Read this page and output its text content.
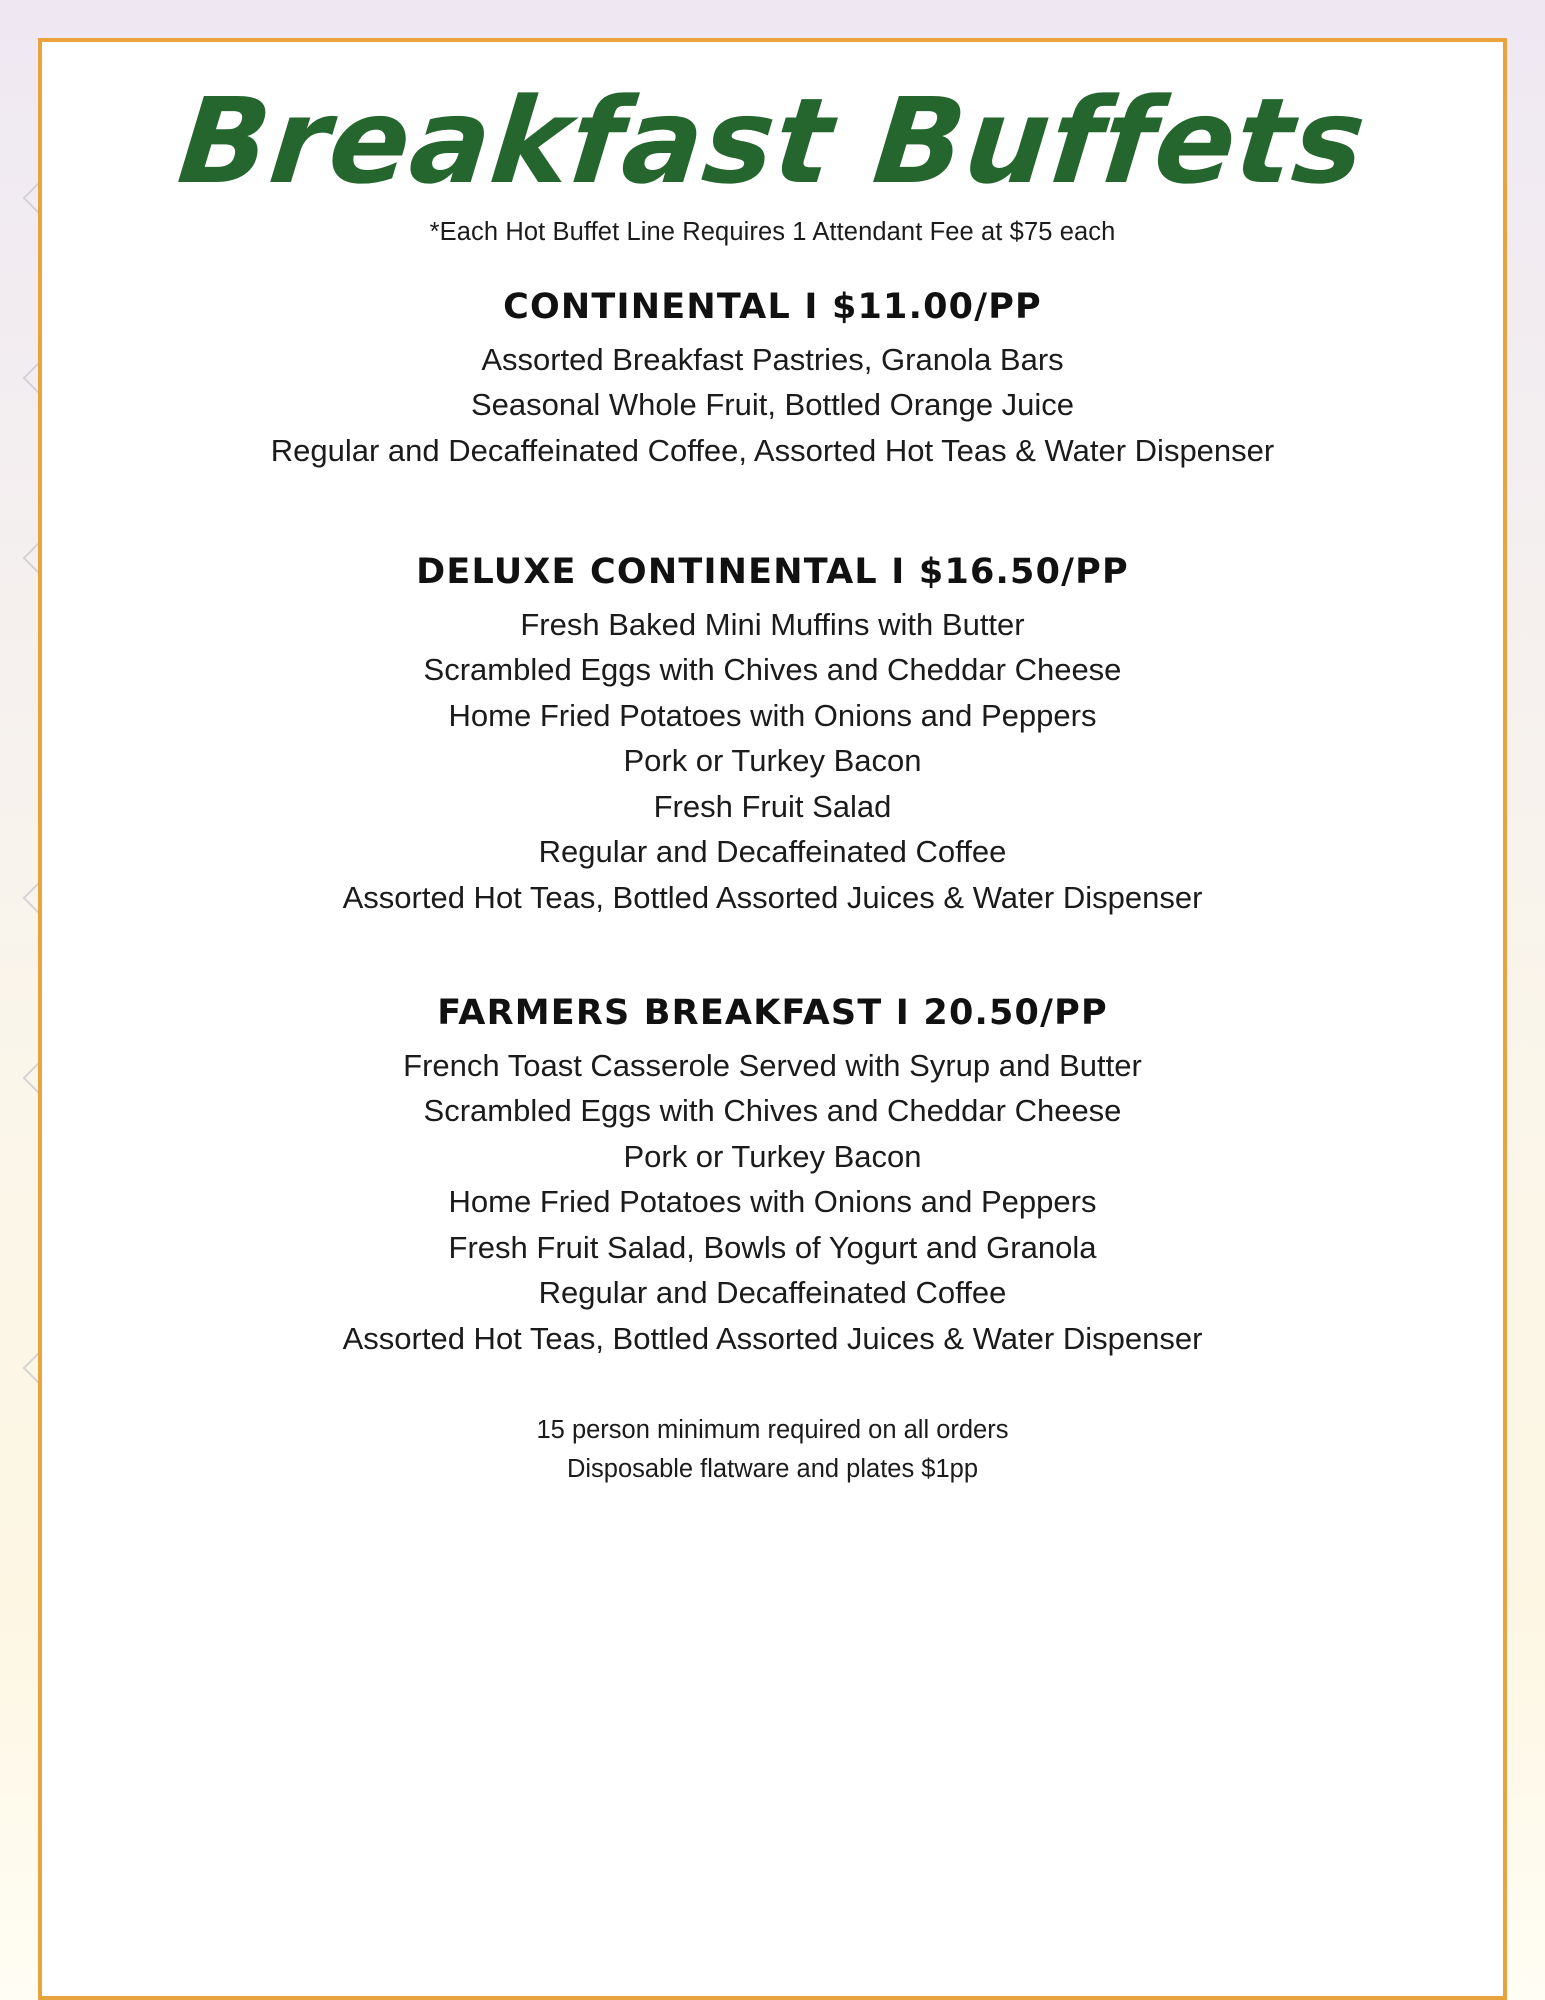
Breakfast Buffets
*Each Hot Buffet Line Requires 1 Attendant Fee at $75 each
CONTINENTAL I $11.00/PP
Assorted Breakfast Pastries, Granola Bars
Seasonal Whole Fruit, Bottled Orange Juice
Regular and Decaffeinated Coffee, Assorted Hot Teas & Water Dispenser
DELUXE CONTINENTAL I $16.50/PP
Fresh Baked Mini Muffins with Butter
Scrambled Eggs with Chives and Cheddar Cheese
Home Fried Potatoes with Onions and Peppers
Pork or Turkey Bacon
Fresh Fruit Salad
Regular and Decaffeinated Coffee
Assorted Hot Teas, Bottled Assorted Juices & Water Dispenser
FARMERS BREAKFAST I 20.50/PP
French Toast Casserole Served with Syrup and Butter
Scrambled Eggs with Chives and Cheddar Cheese
Pork or Turkey Bacon
Home Fried Potatoes with Onions and Peppers
Fresh Fruit Salad, Bowls of Yogurt and Granola
Regular and Decaffeinated Coffee
Assorted Hot Teas, Bottled Assorted Juices & Water Dispenser
15 person minimum required on all orders
Disposable flatware and plates $1pp
